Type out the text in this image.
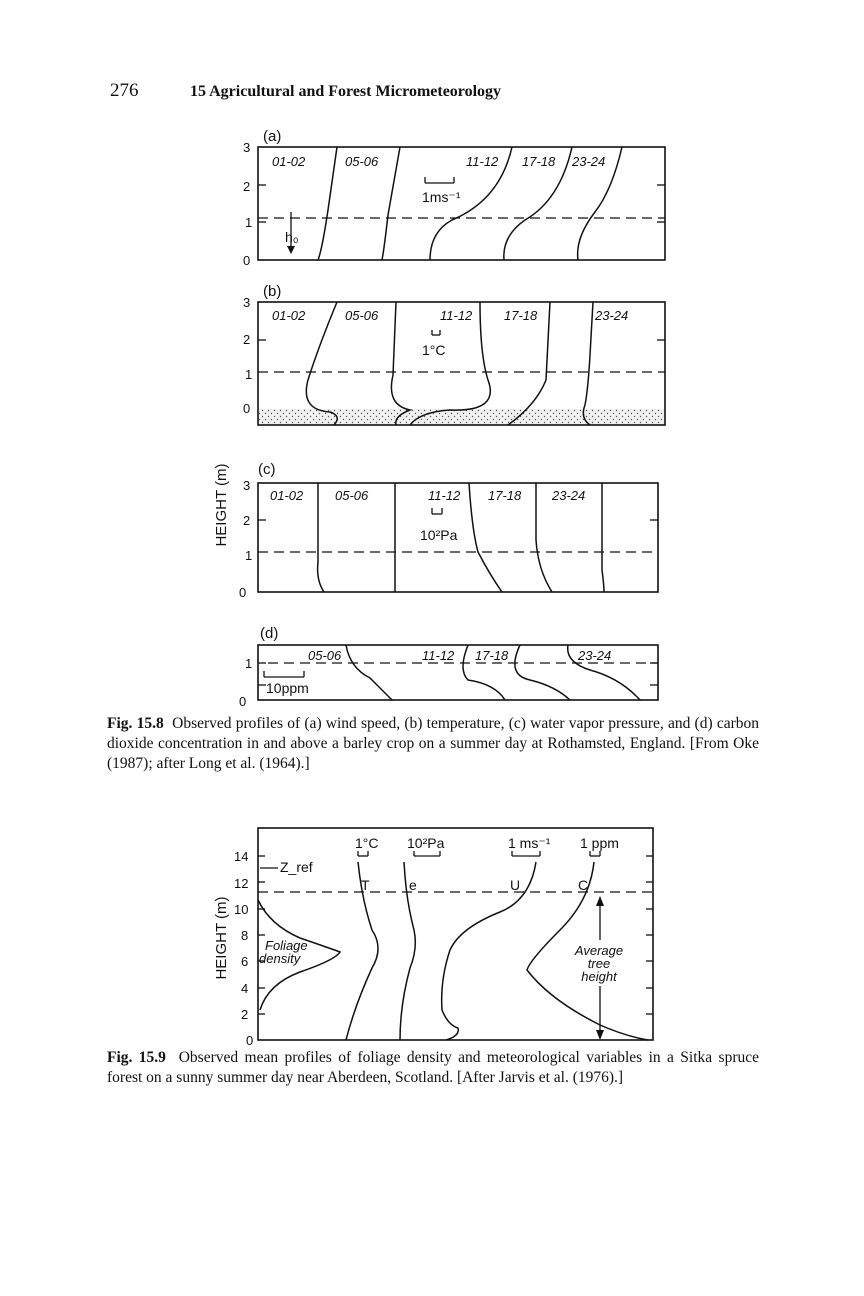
276	15 Agricultural and Forest Micrometeorology
HEIGHT (m)
(a)
3
2
1
0
01-02	05-06	11-12 17-18 23-24
1ms⁻¹
h₀
(b)
3
2
1
0
01-02	05-06	11-12 17-18	23-24
1°C
(c)
3
2
1
0
01-02 05-06	11-12 17-18 23-24
10²Pa
(d)
1
0
05-06	11-12 17-18	23-24
10ppm
Fig. 15.8 Observed profiles of (a) wind speed, (b) temperature, (c) water vapor pressure, and (d) carbon dioxide concentration in and above a barley crop on a summer day at Rothamsted, England. [From Oke (1987); after Long et al. (1964).]
HEIGHT (m)
14
12
10
8
6
4
2
0
Z_ref
Foliage
density
T	e	U	C
1°C 10²Pa	1 ms⁻¹ 1 ppm
Average
tree
height
Fig. 15.9 Observed mean profiles of foliage density and meteorological variables in a Sitka spruce forest on a sunny summer day near Aberdeen, Scotland. [After Jarvis et al. (1976).]
